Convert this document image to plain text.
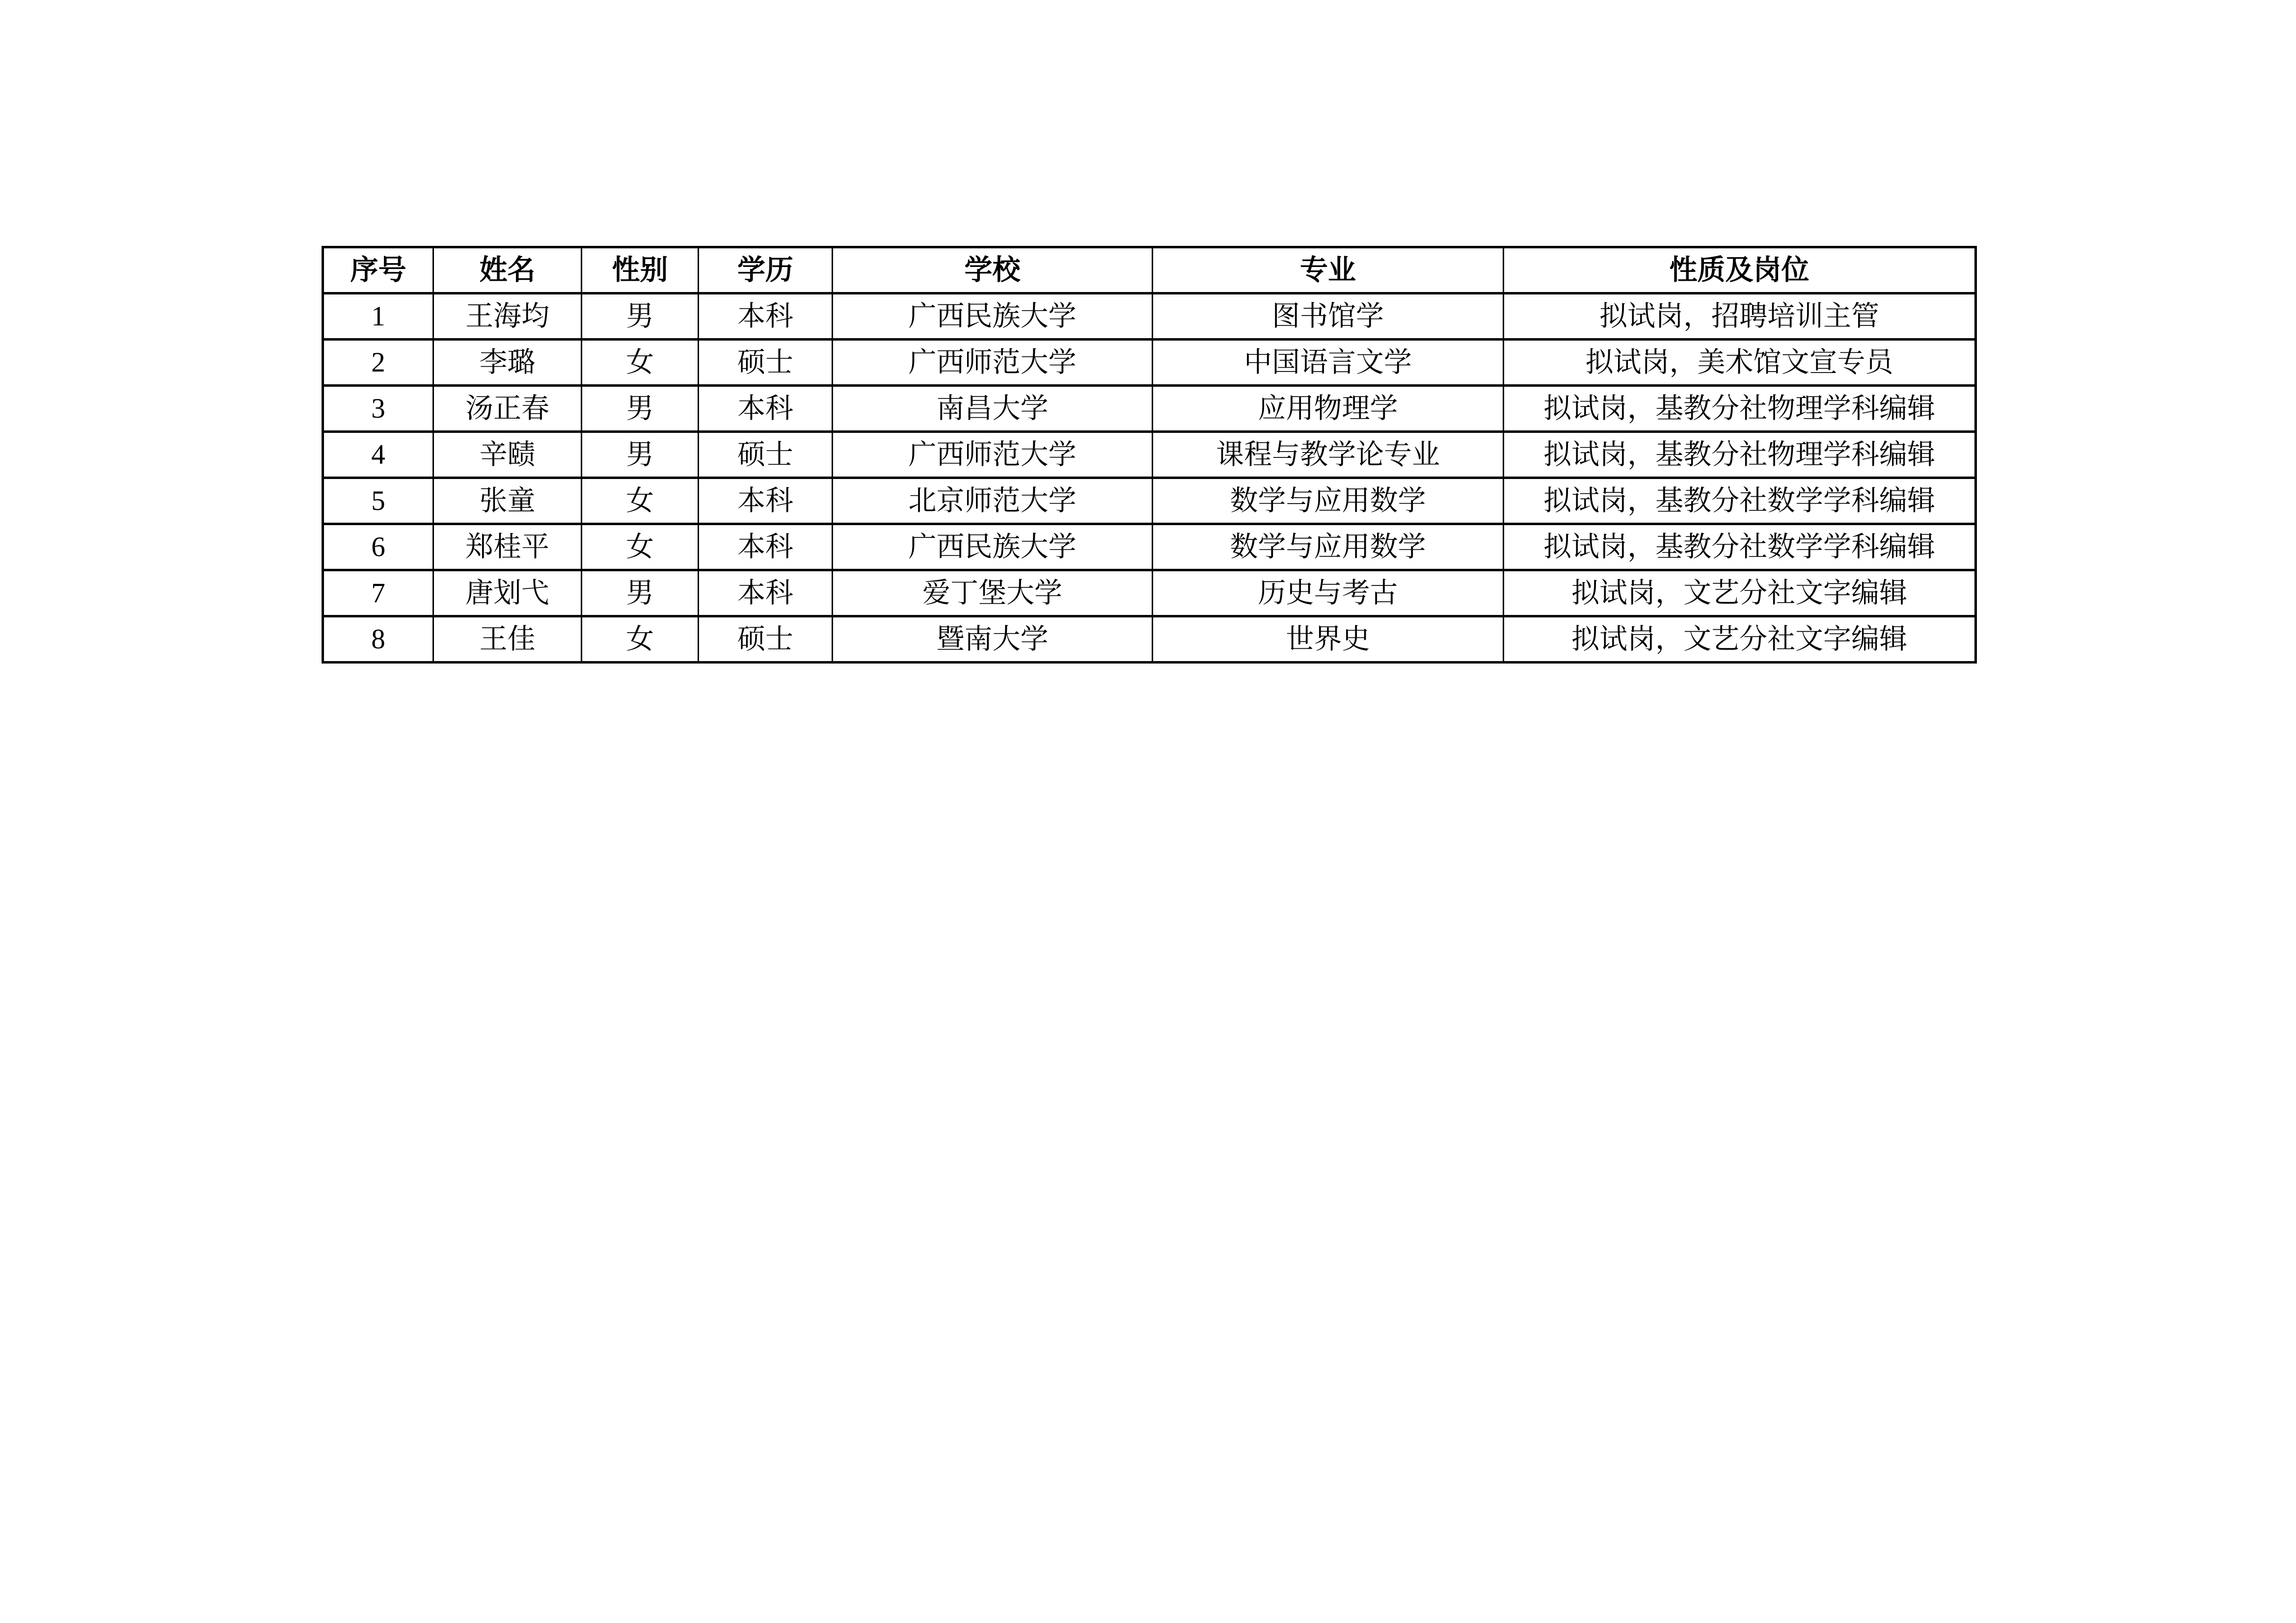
序号	姓名	性别	学历	学校	专业	性质及岗位
1	王海均	男	本科	广西民族大学	图书馆学	拟试岗，招聘培训主管
2	李璐	女	硕士	广西师范大学	中国语言文学	拟试岗，美术馆文宣专员
3	汤正春	男	本科	南昌大学	应用物理学	拟试岗，基教分社物理学科编辑
4	辛赜	男	硕士	广西师范大学	课程与教学论专业	拟试岗，基教分社物理学科编辑
5	张童	女	本科	北京师范大学	数学与应用数学	拟试岗，基教分社数学学科编辑
6	郑桂平	女	本科	广西民族大学	数学与应用数学	拟试岗，基教分社数学学科编辑
7	唐划弋	男	本科	爱丁堡大学	历史与考古	拟试岗，文艺分社文字编辑
8	王佳	女	硕士	暨南大学	世界史	拟试岗，文艺分社文字编辑
